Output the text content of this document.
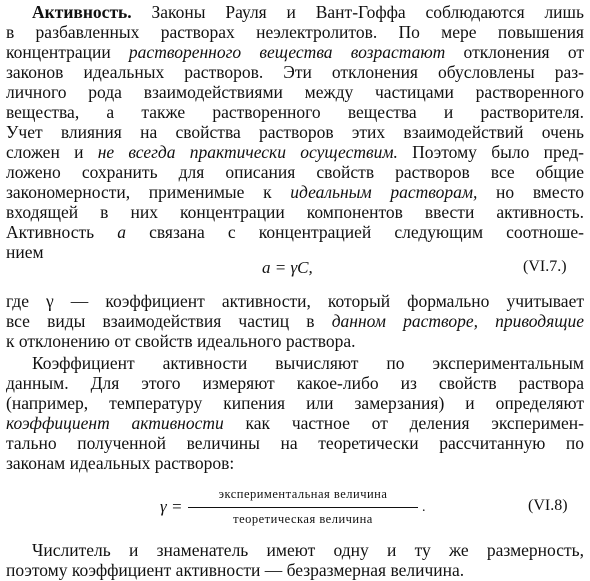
Активность. Законы Рауля и Вант-Гоффа соблюдаются лишь
в разбавленных растворах неэлектролитов. По мере повышения
концентрации растворенного вещества возрастают отклонения от
законов идеальных растворов. Эти отклонения обусловлены раз-
личного рода взаимодействиями между частицами растворенного
вещества, а также растворенного вещества и растворителя.
Учет влияния на свойства растворов этих взаимодействий очень
сложен и не всегда практически осуществим. Поэтому было пред-
ложено сохранить для описания свойств растворов все общие
закономерности, применимые к идеальным растворам, но вместо
входящей в них концентрации компонентов ввести активность.
Активность a связана с концентрацией следующим соотноше-
нием
a = γC,	(VI.7.)
где γ — коэффициент активности, который формально учитывает
все виды взаимодействия частиц в данном растворе, приводящие
к отклонению от свойств идеального раствора.
Коэффициент активности вычисляют по экспериментальным
данным. Для этого измеряют какое-либо из свойств раствора
(например, температуру кипения или замерзания) и определяют
коэффициент активности как частное от деления эксперимен-
тально полученной величины на теоретически рассчитанную по
законам идеальных растворов:
γ =
экспериментальная величина
теоретическая величина
.	(VI.8)
Числитель и знаменатель имеют одну и ту же размерность,
поэтому коэффициент активности — безразмерная величина.
